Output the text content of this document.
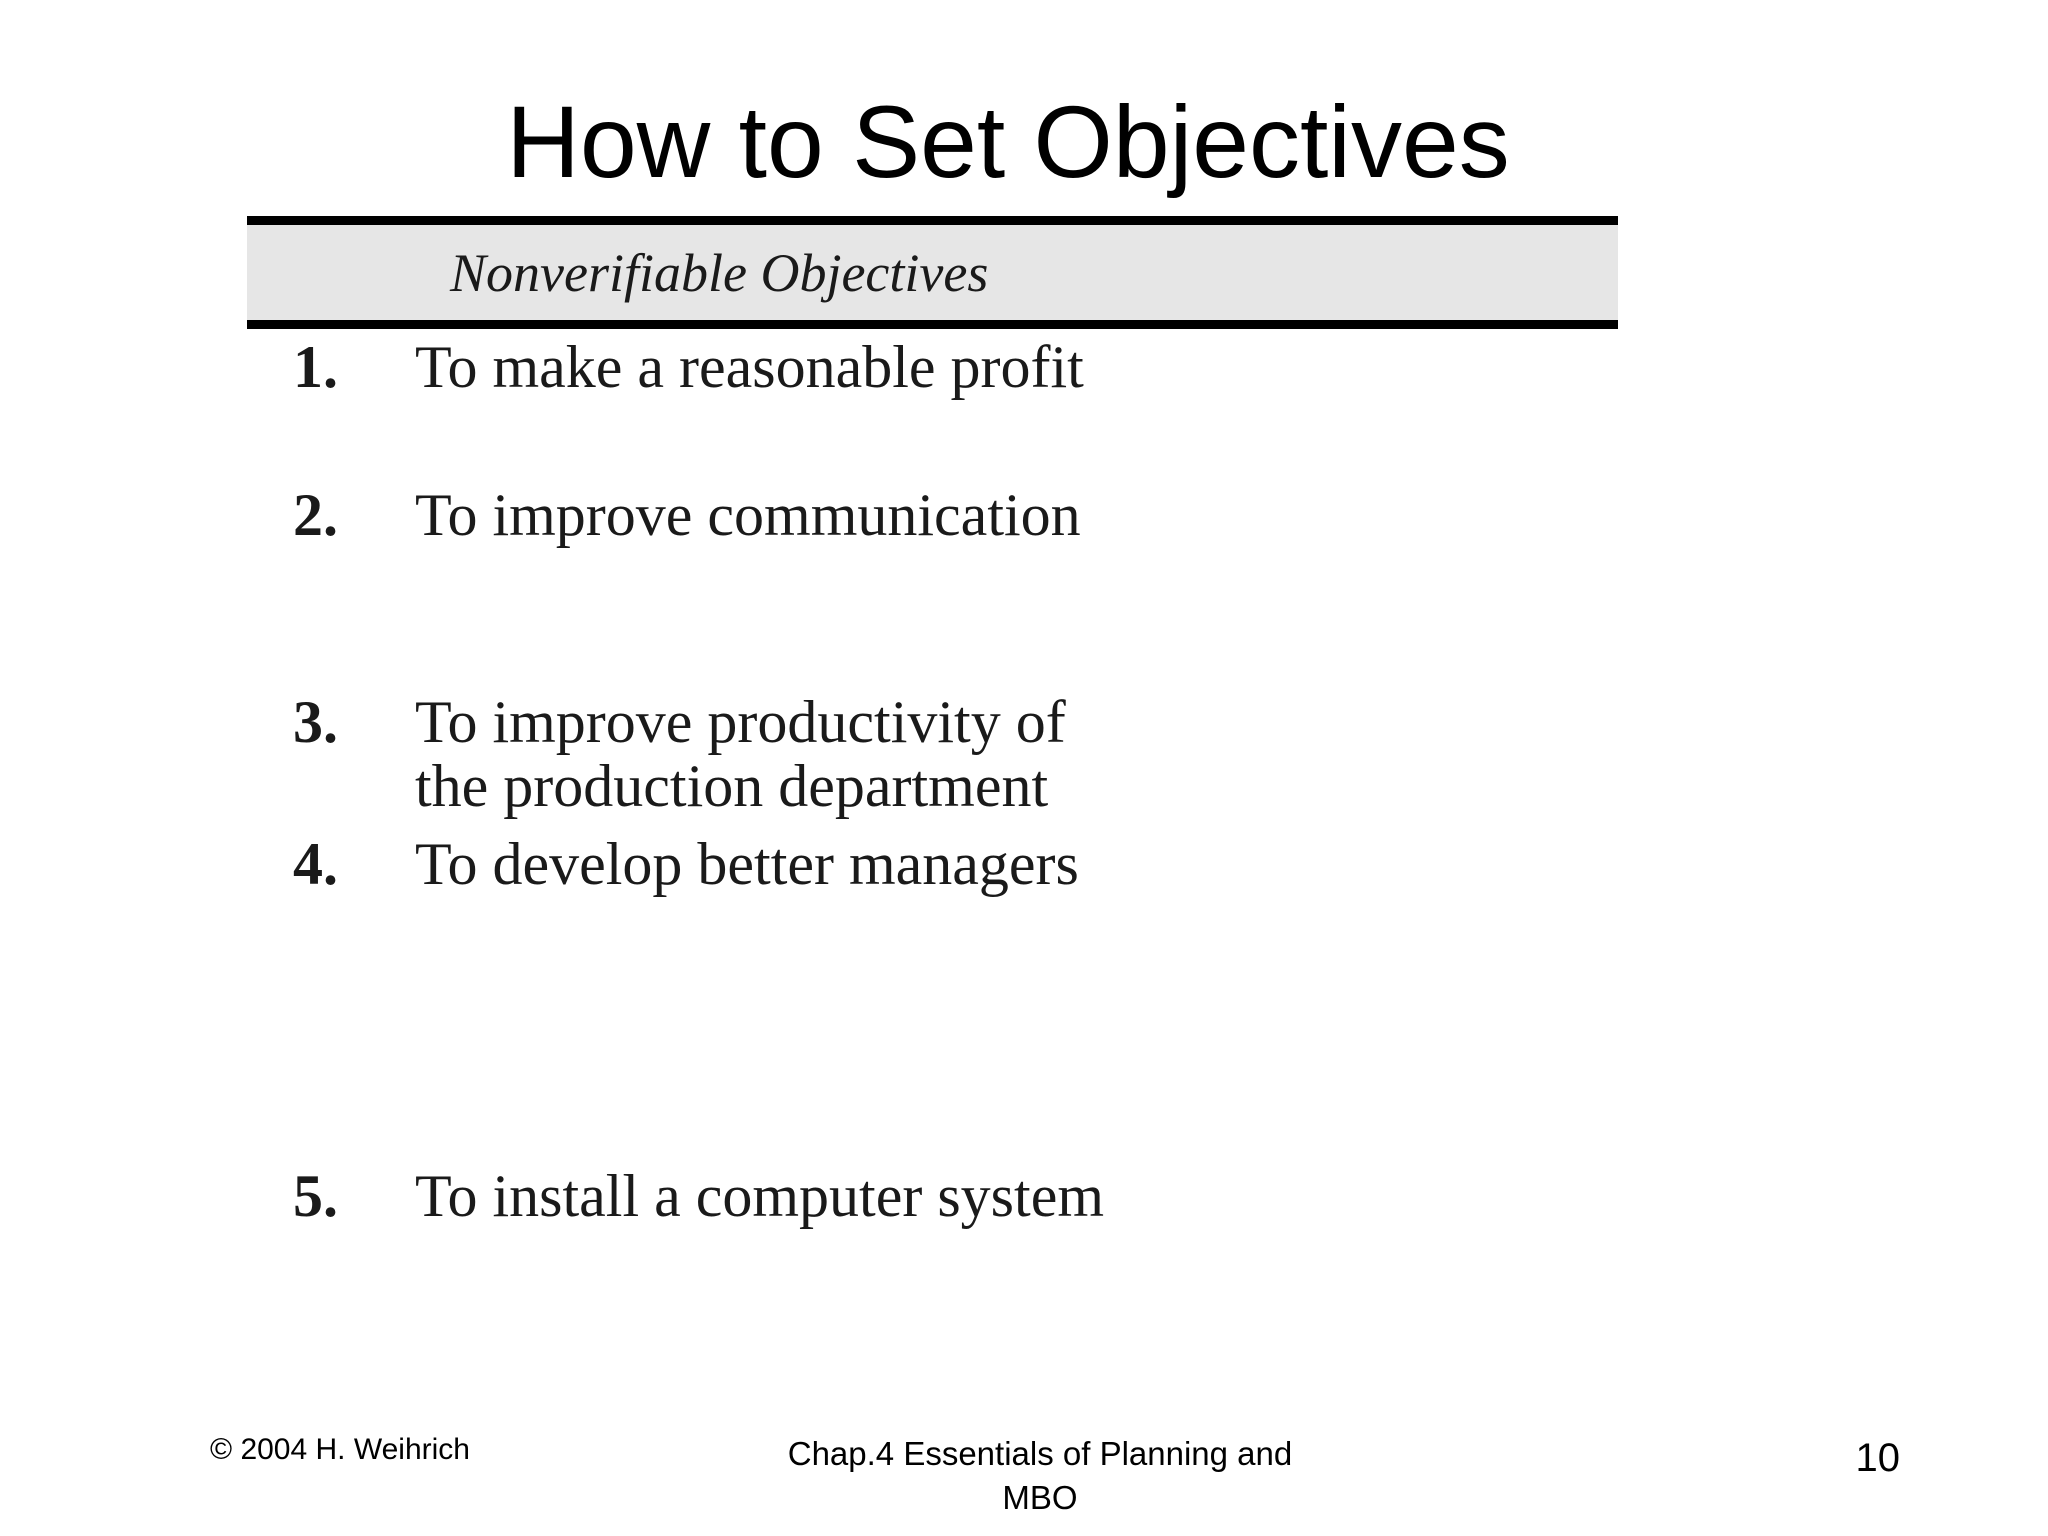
How to Set Objectives
Nonverifiable Objectives
1. To make a reasonable profit
2. To improve communication
3. To improve productivity of
the production department
4. To develop better managers
5. To install a computer system
© 2004 H. Weihrich	Chap.4 Essentials of Planning and
MBO
10
